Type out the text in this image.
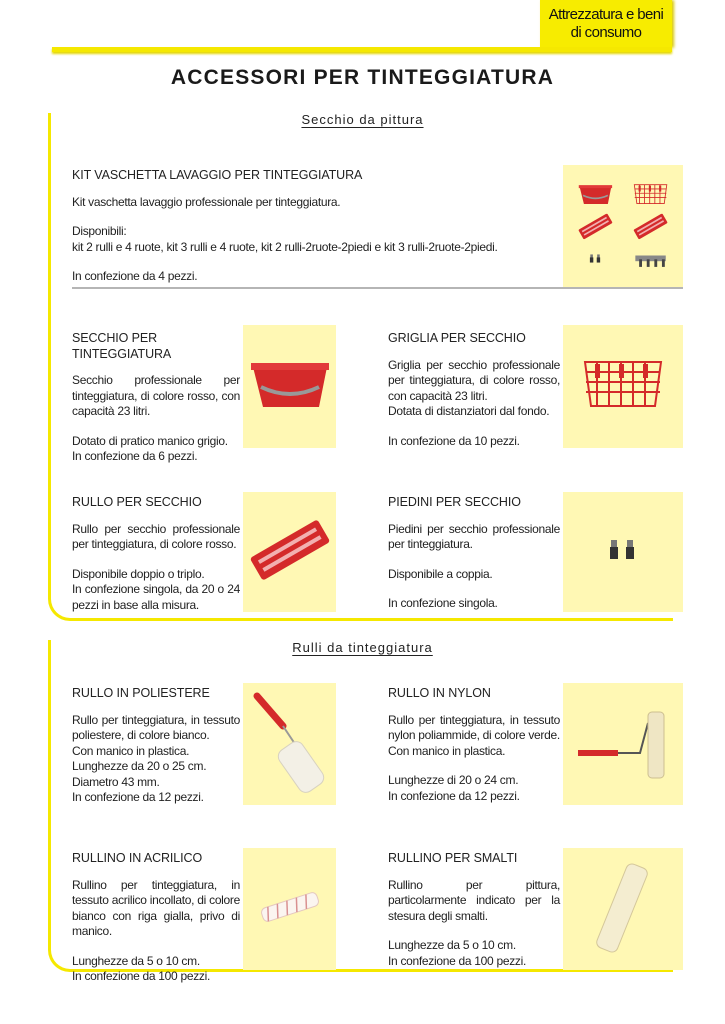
Attrezzatura e beni
di consumo
ACCESSORI PER TINTEGGIATURA
Secchio da pittura
Rulli da tinteggiatura
KIT VASCHETTA LAVAGGIO PER TINTEGGIATURA

Kit vaschetta lavaggio professionale per tinteggiatura.

Disponibili:
kit 2 rulli e 4 ruote, kit 3 rulli e 4 ruote, kit 2 rulli-2ruote-2piedi e kit 3 rulli-2ruote-2piedi.

In confezione da 4 pezzi.

SECCHIO PER TINTEGGIATURA

Secchio professionale per tinteggiatura, di colore rosso, con capacità 23 litri.

Dotato di pratico manico grigio.
In confezione da 6 pezzi.

GRIGLIA PER SECCHIO

Griglia per secchio professionale per tinteggiatura, di colore rosso, con capacità 23 litri.
Dotata di distanziatori dal fondo.

In confezione da 10 pezzi.

RULLO PER SECCHIO

Rullo per secchio professionale per tinteggiatura, di colore rosso.

Disponibile doppio o triplo.
In confezione singola, da 20 o 24 pezzi in base alla misura.

PIEDINI PER SECCHIO

Piedini per secchio professionale per tinteggiatura.

Disponibile a coppia.

In confezione singola.

RULLO IN POLIESTERE

Rullo per tinteggiatura, in tessuto poliestere, di colore bianco.
Con manico in plastica.
Lunghezze da 20 o 25 cm.
Diametro 43 mm.
In confezione da 12 pezzi.

RULLO IN NYLON

Rullo per tinteggiatura, in tessuto nylon poliammide, di colore verde.
Con manico in plastica.

Lunghezze di 20 o 24 cm.
In confezione da 12 pezzi.

RULLINO IN ACRILICO

Rullino per tinteggiatura, in tessuto acrilico incollato, di colore bianco con riga gialla, privo di manico.

Lunghezze da 5 o 10 cm.
In confezione da 100 pezzi.

RULLINO PER SMALTI

Rullino per pittura, particolarmente indicato per la stesura degli smalti.

Lunghezze da 5 o 10 cm.
In confezione da 100 pezzi.
